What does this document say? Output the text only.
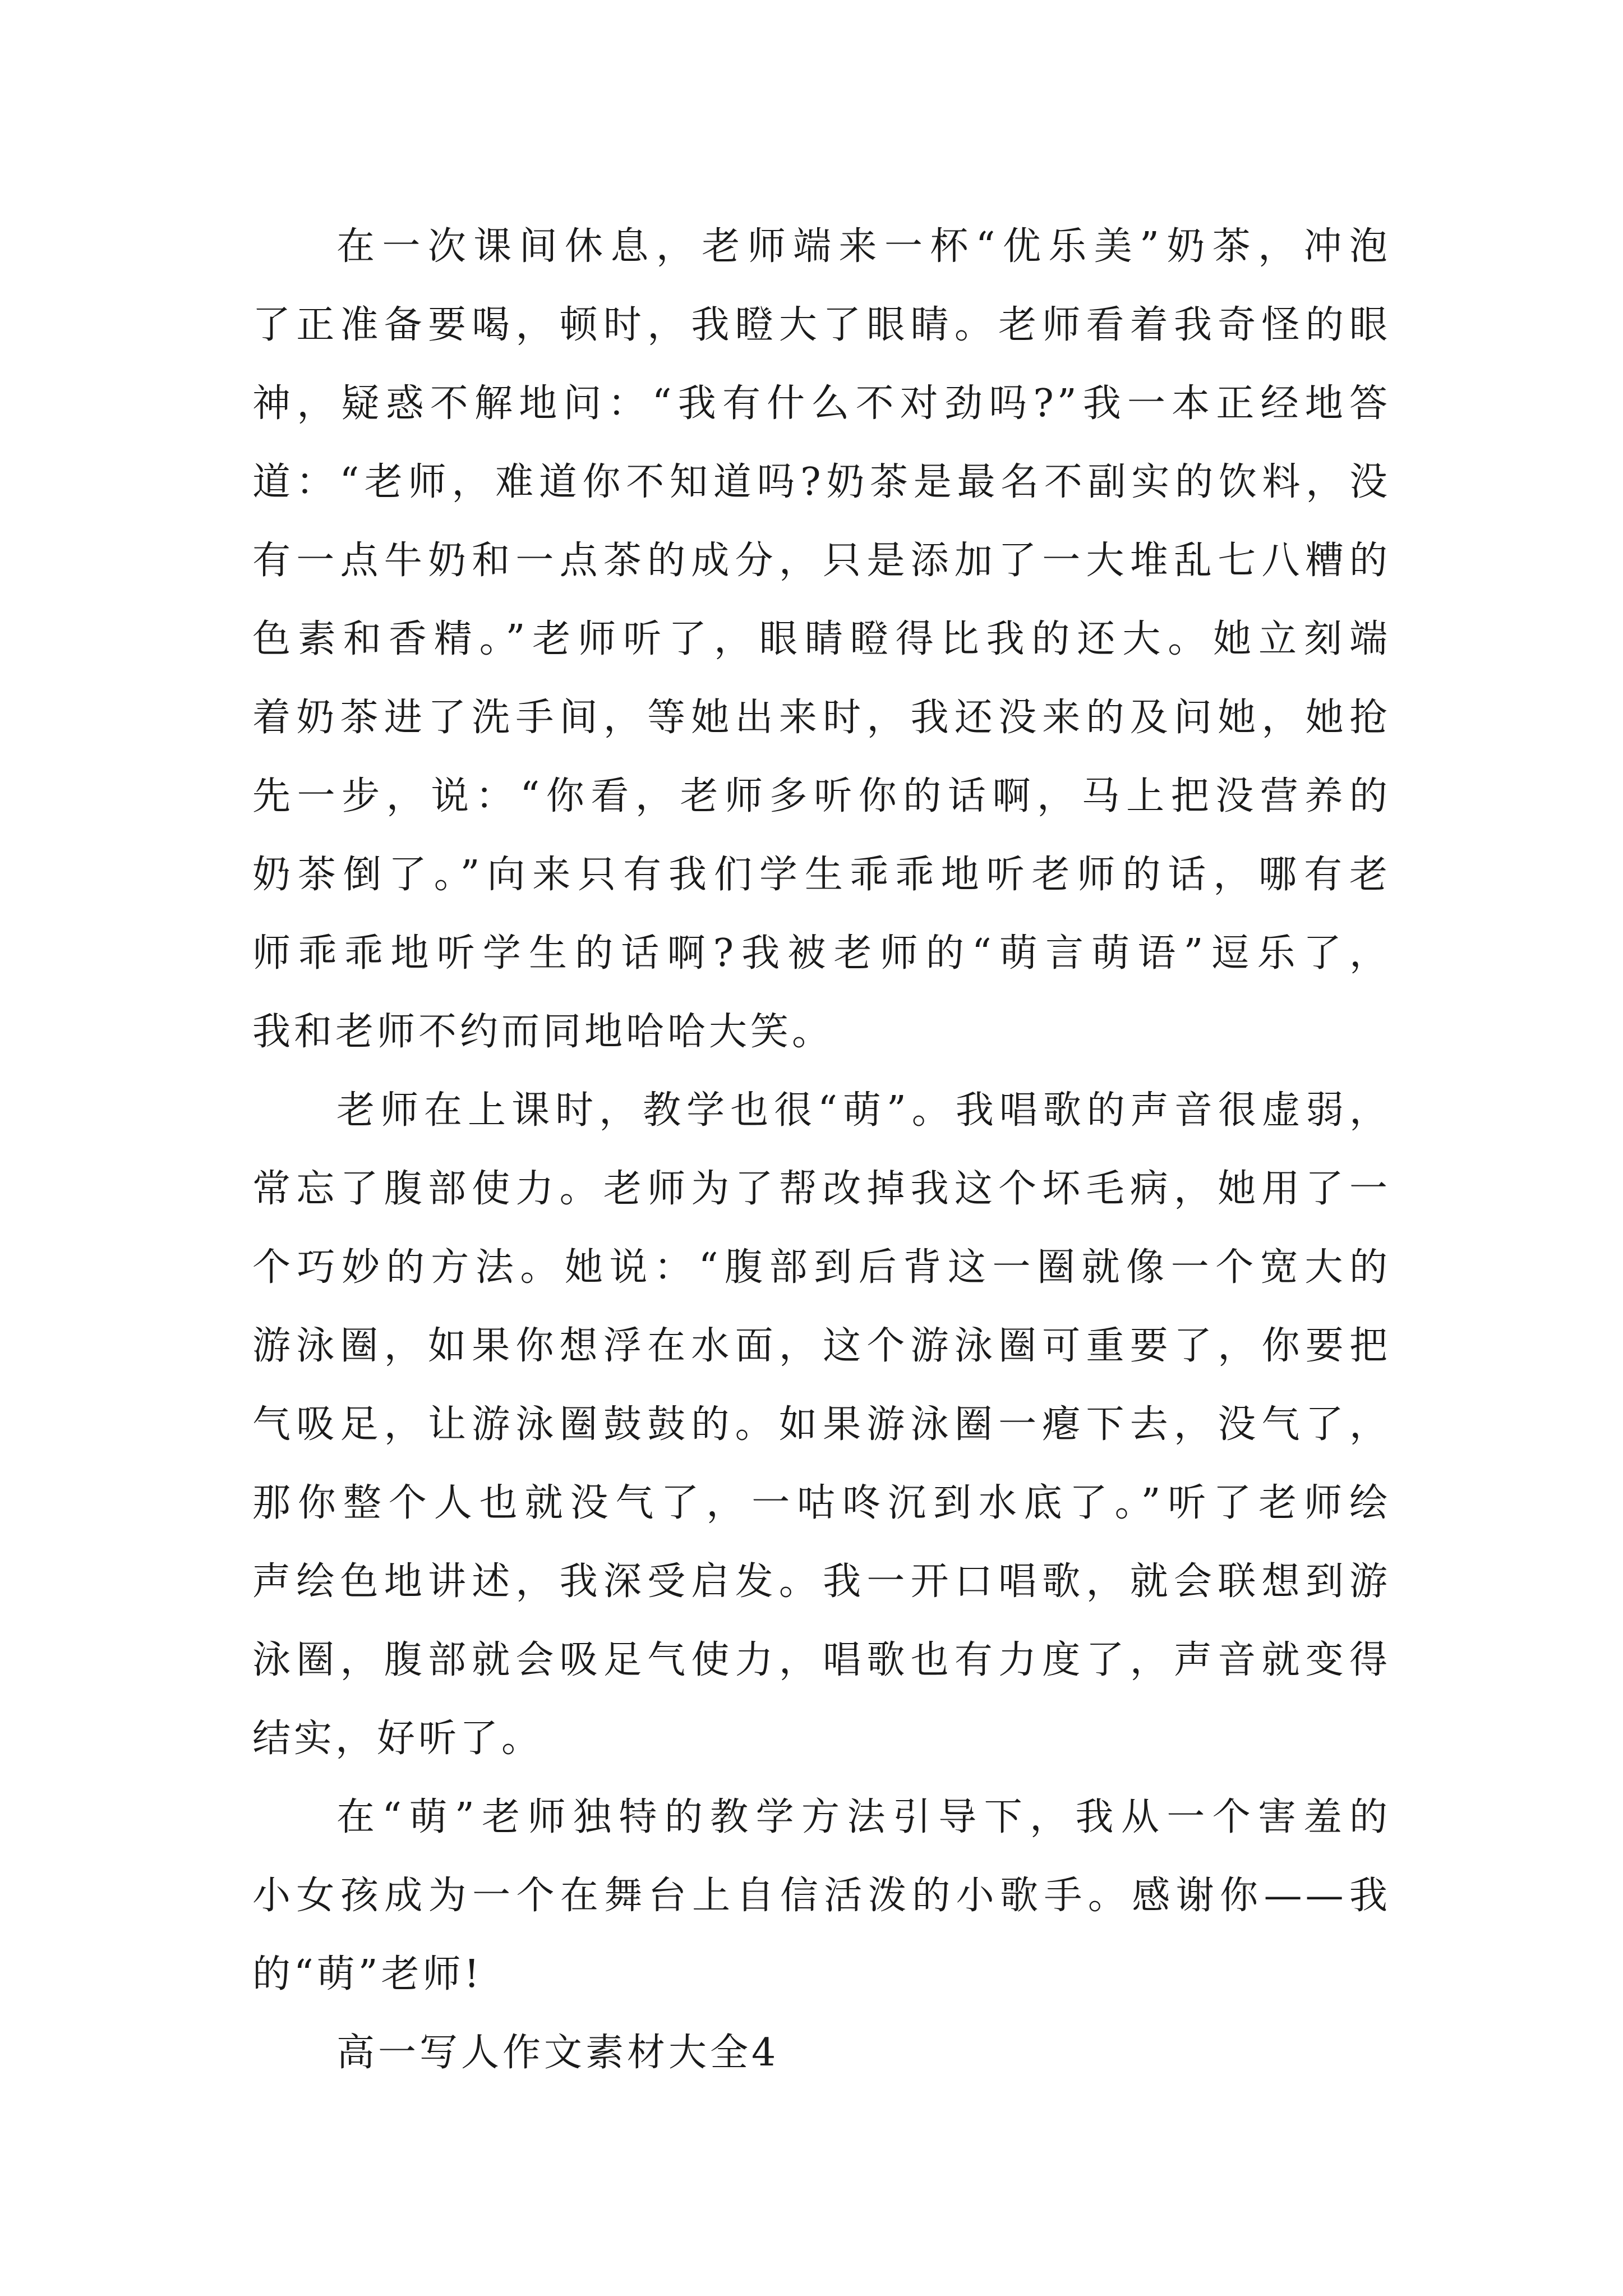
在一次课间休息，老师端来一杯“优乐美”奶茶，冲泡
了正准备要喝，顿时，我瞪大了眼睛。老师看着我奇怪的眼
神，疑惑不解地问：“我有什么不对劲吗?”我一本正经地答
道：“老师，难道你不知道吗?奶茶是最名不副实的饮料，没
有一点牛奶和一点茶的成分，只是添加了一大堆乱七八糟的
色素和香精。”老师听了，眼睛瞪得比我的还大。她立刻端
着奶茶进了洗手间，等她出来时，我还没来的及问她，她抢
先一步，说：“你看，老师多听你的话啊，马上把没营养的
奶茶倒了。”向来只有我们学生乖乖地听老师的话，哪有老
师乖乖地听学生的话啊?我被老师的“萌言萌语”逗乐了，
我和老师不约而同地哈哈大笑。
老师在上课时，教学也很“萌”。我唱歌的声音很虚弱，
常忘了腹部使力。老师为了帮改掉我这个坏毛病，她用了一
个巧妙的方法。她说：“腹部到后背这一圈就像一个宽大的
游泳圈，如果你想浮在水面，这个游泳圈可重要了，你要把
气吸足，让游泳圈鼓鼓的。如果游泳圈一瘪下去，没气了，
那你整个人也就没气了，一咕咚沉到水底了。”听了老师绘
声绘色地讲述，我深受启发。我一开口唱歌，就会联想到游
泳圈，腹部就会吸足气使力，唱歌也有力度了，声音就变得
结实，好听了。
在“萌”老师独特的教学方法引导下，我从一个害羞的
小女孩成为一个在舞台上自信活泼的小歌手。感谢你——我
的“萌”老师!
高一写人作文素材大全4
